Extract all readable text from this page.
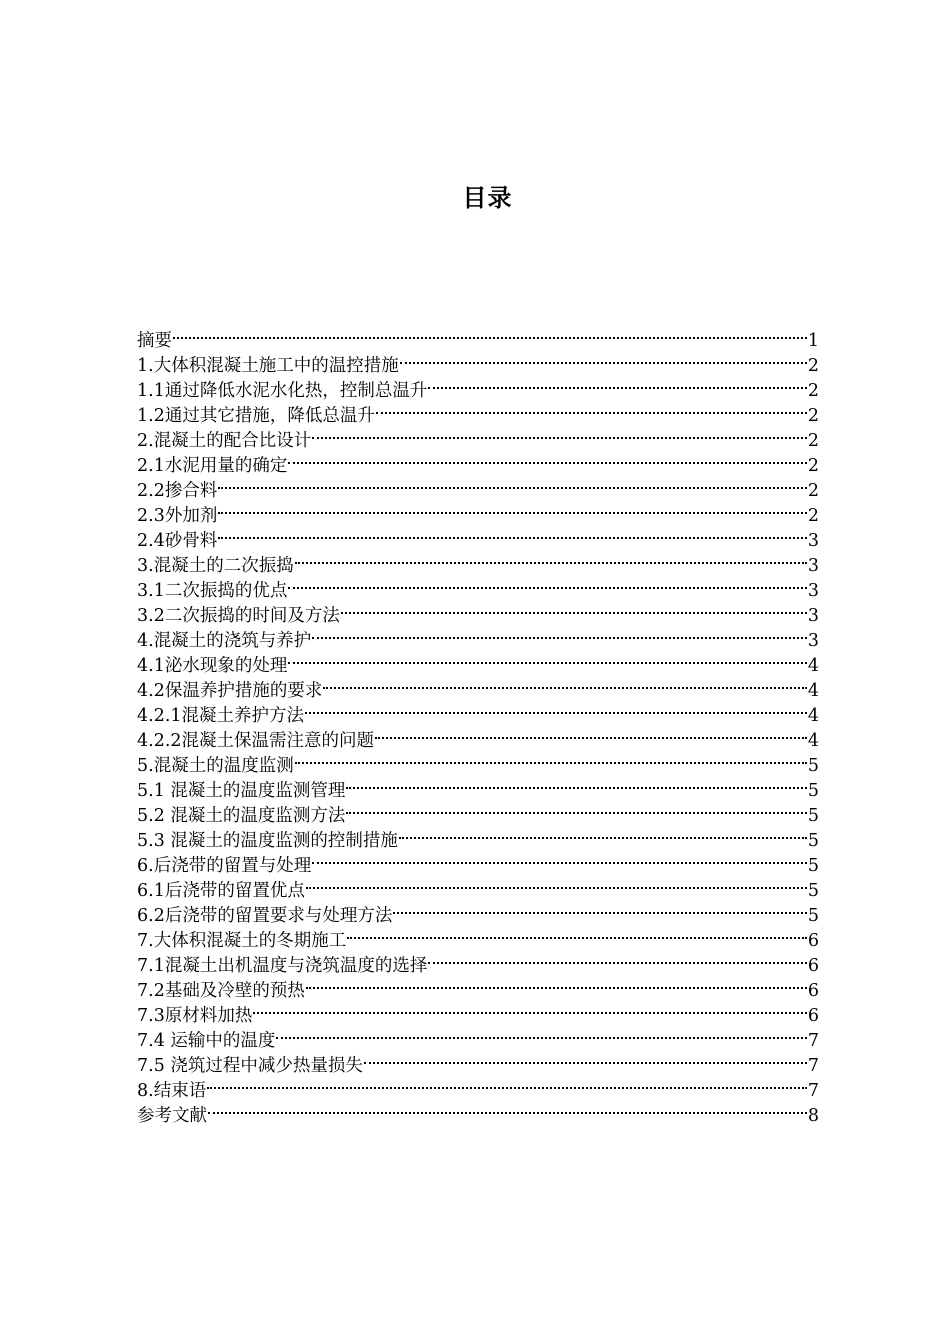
目录
摘要	1
1.大体积混凝土施工中的温控措施	2
1.1通过降低水泥水化热，控制总温升	2
1.2通过其它措施，降低总温升	2
2.混凝土的配合比设计	2
2.1水泥用量的确定	2
2.2掺合料	2
2.3外加剂	2
2.4砂骨料	3
3.混凝土的二次振捣	3
3.1二次振捣的优点	3
3.2二次振捣的时间及方法	3
4.混凝土的浇筑与养护	3
4.1泌水现象的处理	4
4.2保温养护措施的要求	4
4.2.1混凝土养护方法	4
4.2.2混凝土保温需注意的问题	4
5.混凝土的温度监测	5
5.1 混凝土的温度监测管理	5
5.2 混凝土的温度监测方法	5
5.3 混凝土的温度监测的控制措施	5
6.后浇带的留置与处理	5
6.1后浇带的留置优点	5
6.2后浇带的留置要求与处理方法	5
7.大体积混凝土的冬期施工	6
7.1混凝土出机温度与浇筑温度的选择	6
7.2基础及冷壁的预热	6
7.3原材料加热	6
7.4 运输中的温度	7
7.5 浇筑过程中减少热量损失	7
8.结束语	7
参考文献	8
